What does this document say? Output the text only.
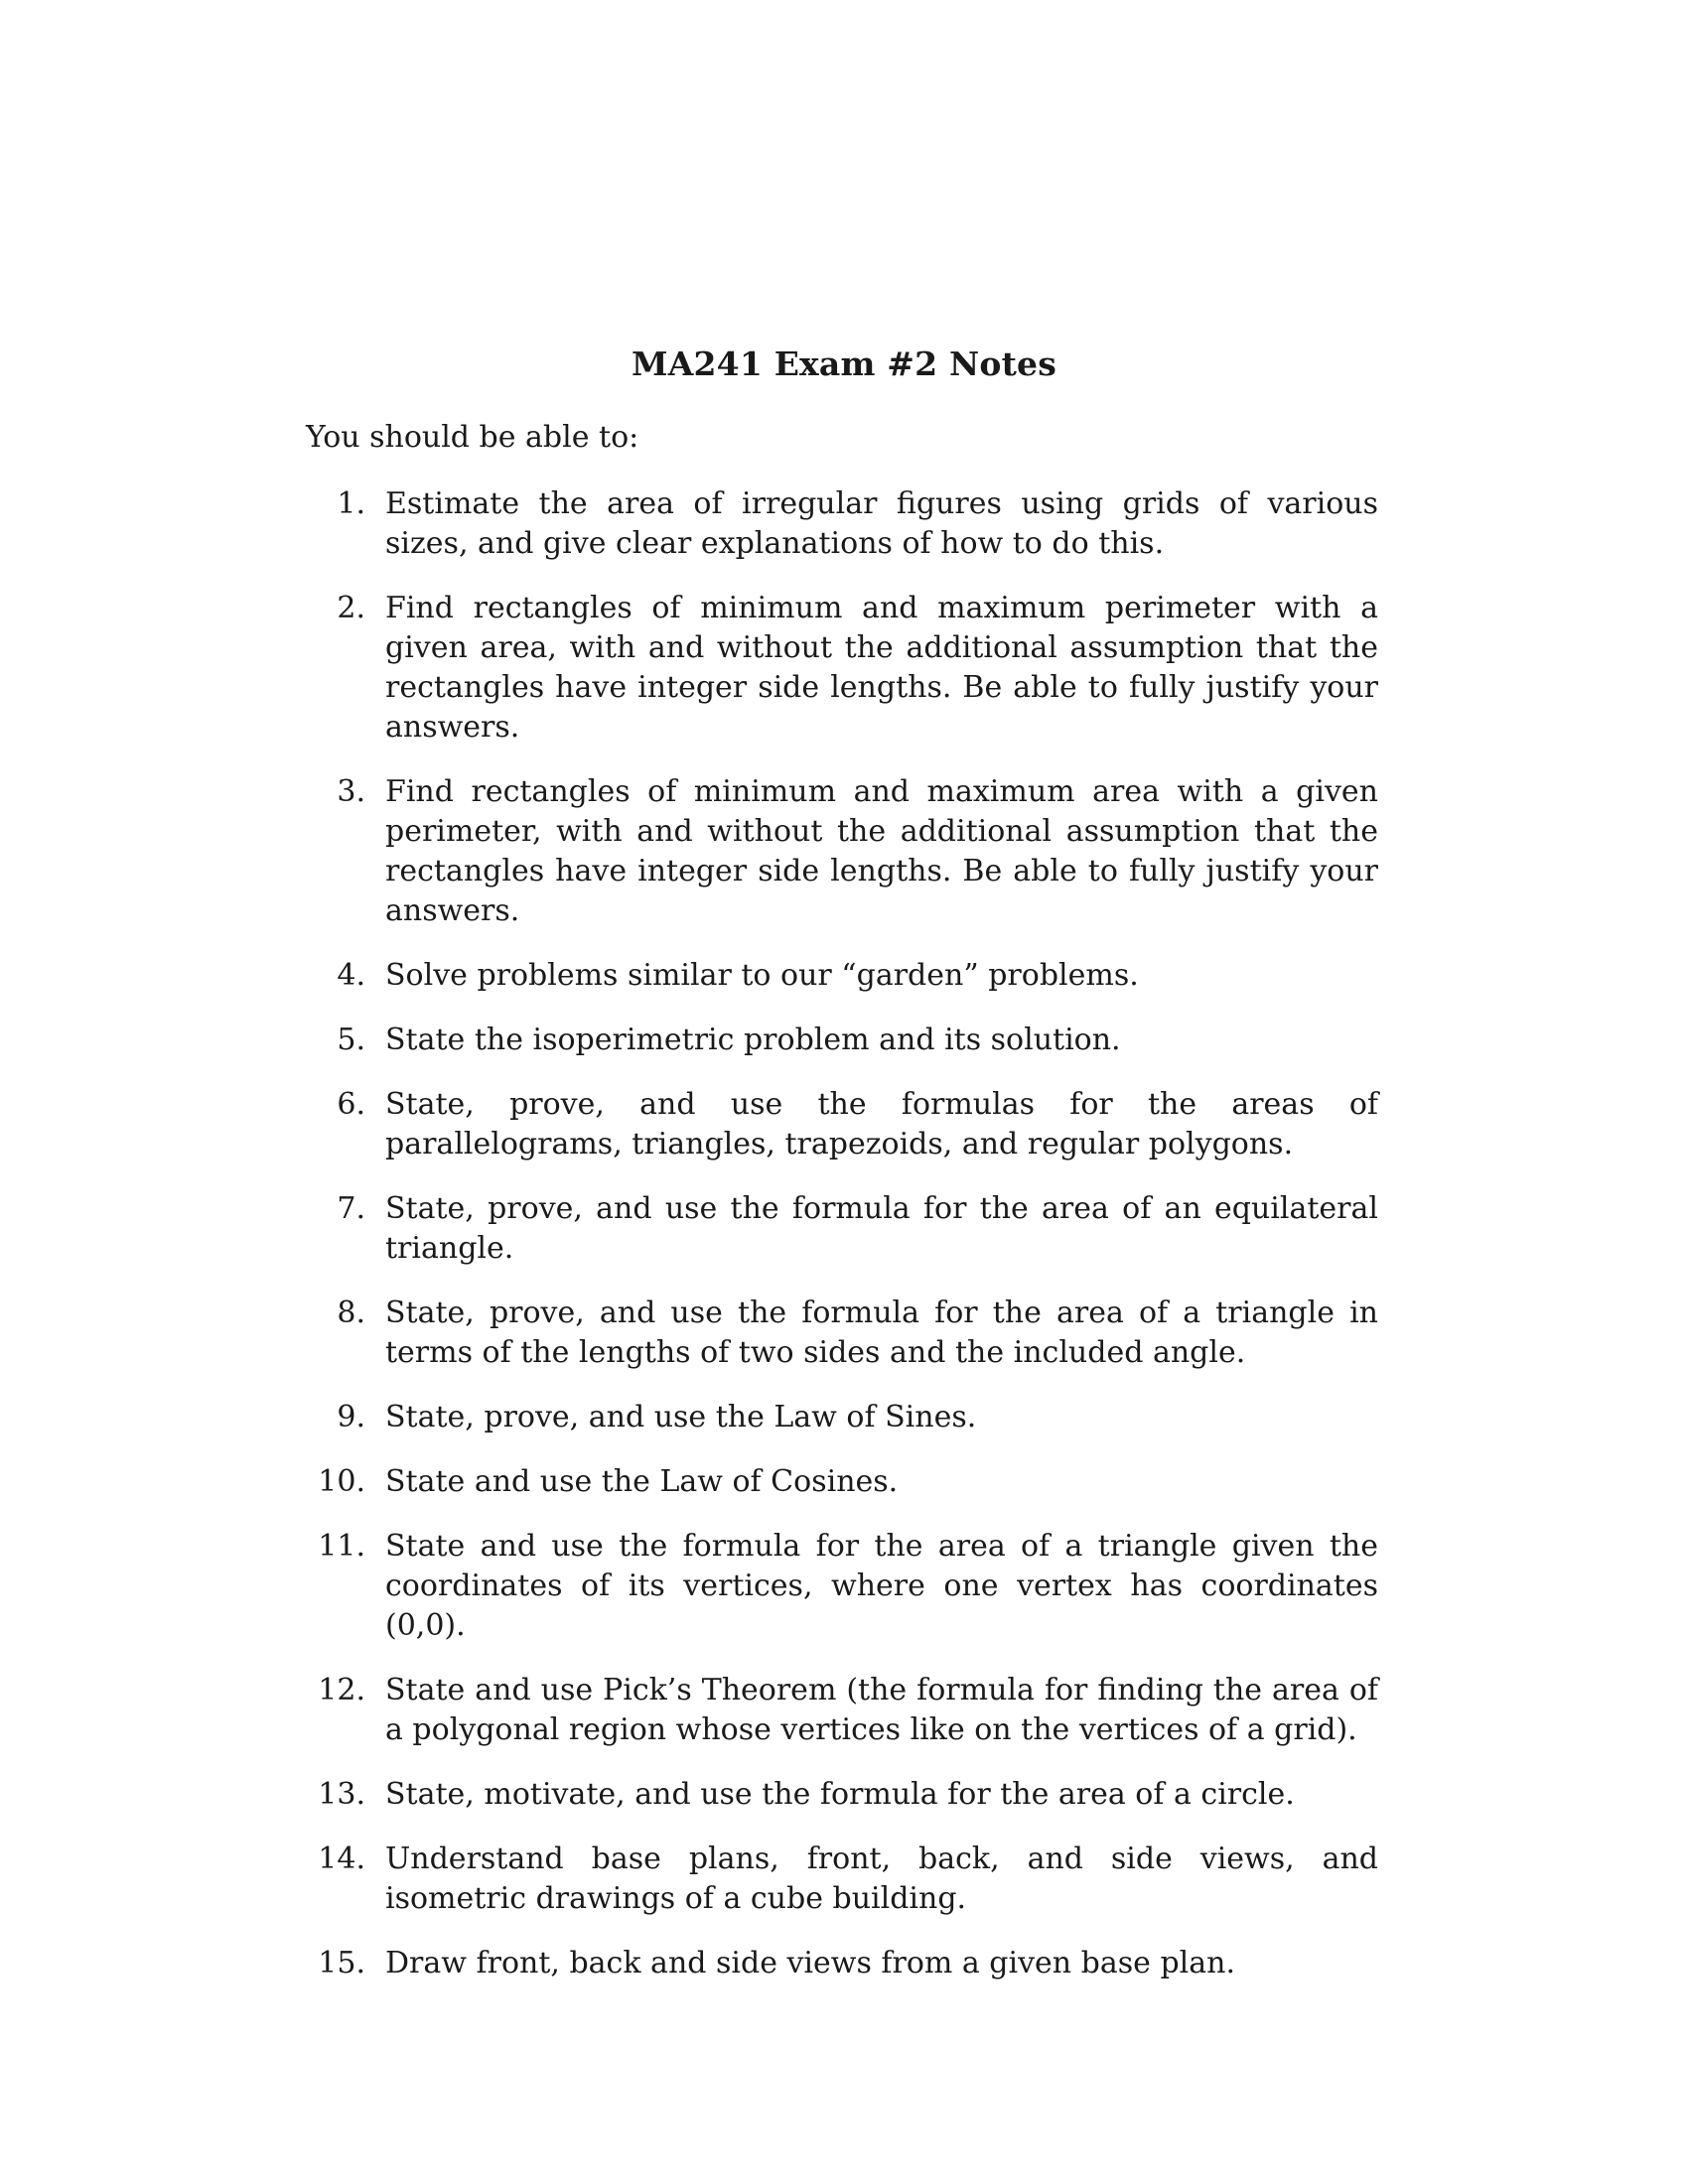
MA241 Exam #2 Notes
You should be able to:
1. Estimate the area of irregular figures using grids of various sizes, and give clear explanations of how to do this.
2. Find rectangles of minimum and maximum perimeter with a given area, with and without the additional assumption that the rectangles have integer side lengths. Be able to fully justify your answers.
3. Find rectangles of minimum and maximum area with a given perimeter, with and without the additional assumption that the rectangles have integer side lengths. Be able to fully justify your answers.
4. Solve problems similar to our “garden” problems.
5. State the isoperimetric problem and its solution.
6. State, prove, and use the formulas for the areas of parallelograms, triangles, trapezoids, and regular polygons.
7. State, prove, and use the formula for the area of an equilateral triangle.
8. State, prove, and use the formula for the area of a triangle in terms of the lengths of two sides and the included angle.
9. State, prove, and use the Law of Sines.
10. State and use the Law of Cosines.
11. State and use the formula for the area of a triangle given the coordinates of its vertices, where one vertex has coordinates (0,0).
12. State and use Pick’s Theorem (the formula for finding the area of a polygonal region whose vertices like on the vertices of a grid).
13. State, motivate, and use the formula for the area of a circle.
14. Understand base plans, front, back, and side views, and isometric drawings of a cube building.
15. Draw front, back and side views from a given base plan.
